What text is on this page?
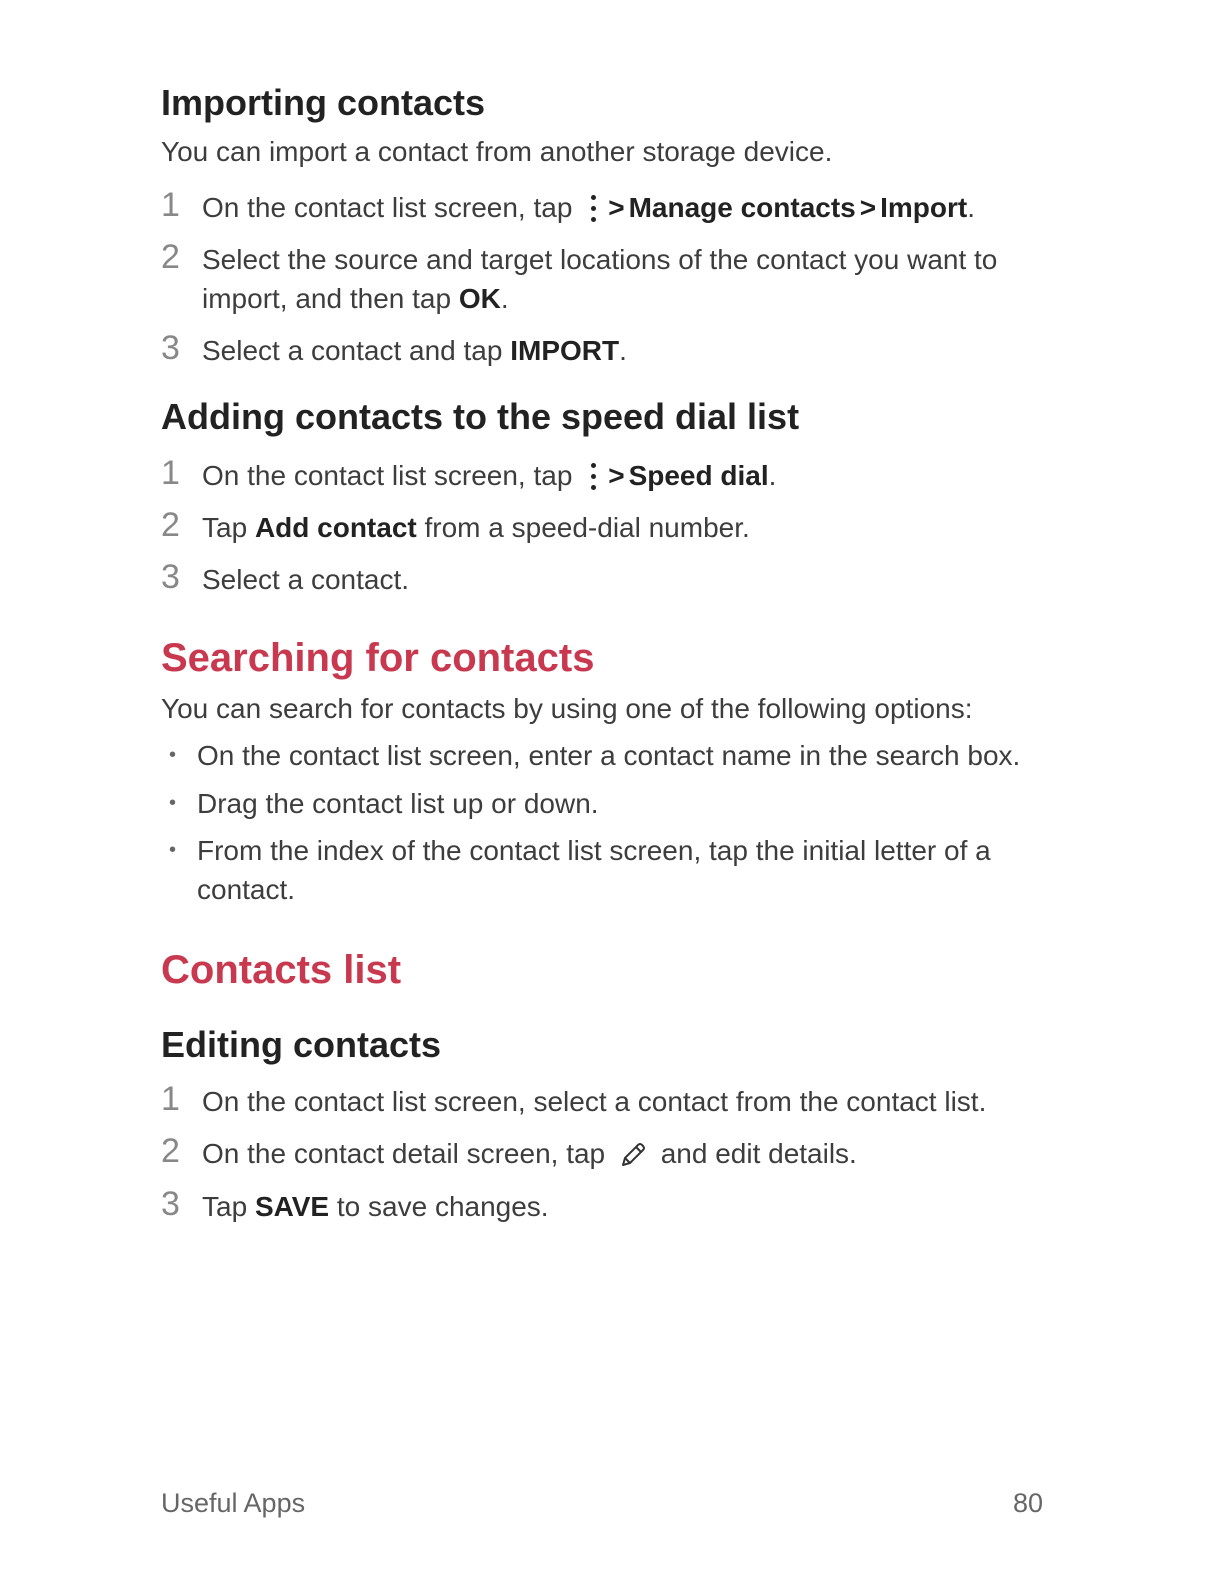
Importing contacts

You can import a contact from another storage device.

1 On the contact list screen, tap > Manage contacts > Import.
2 Select the source and target locations of the contact you want to
import, and then tap OK.
3 Select a contact and tap IMPORT.
Adding contacts to the speed dial list
1 On the contact list screen, tap > Speed dial.
2 Tap Add contact from a speed-dial number.
3 Select a contact.
Searching for contacts

You can search for contacts by using one of the following options:

• On the contact list screen, enter a contact name in the search box.
• Drag the contact list up or down.
• From the index of the contact list screen, tap the initial letter of a
contact.
Contacts list
Editing contacts
1 On the contact list screen, select a contact from the contact list.
2 On the contact detail screen, tap and edit details.
3 Tap SAVE to save changes.
Useful Apps	80
